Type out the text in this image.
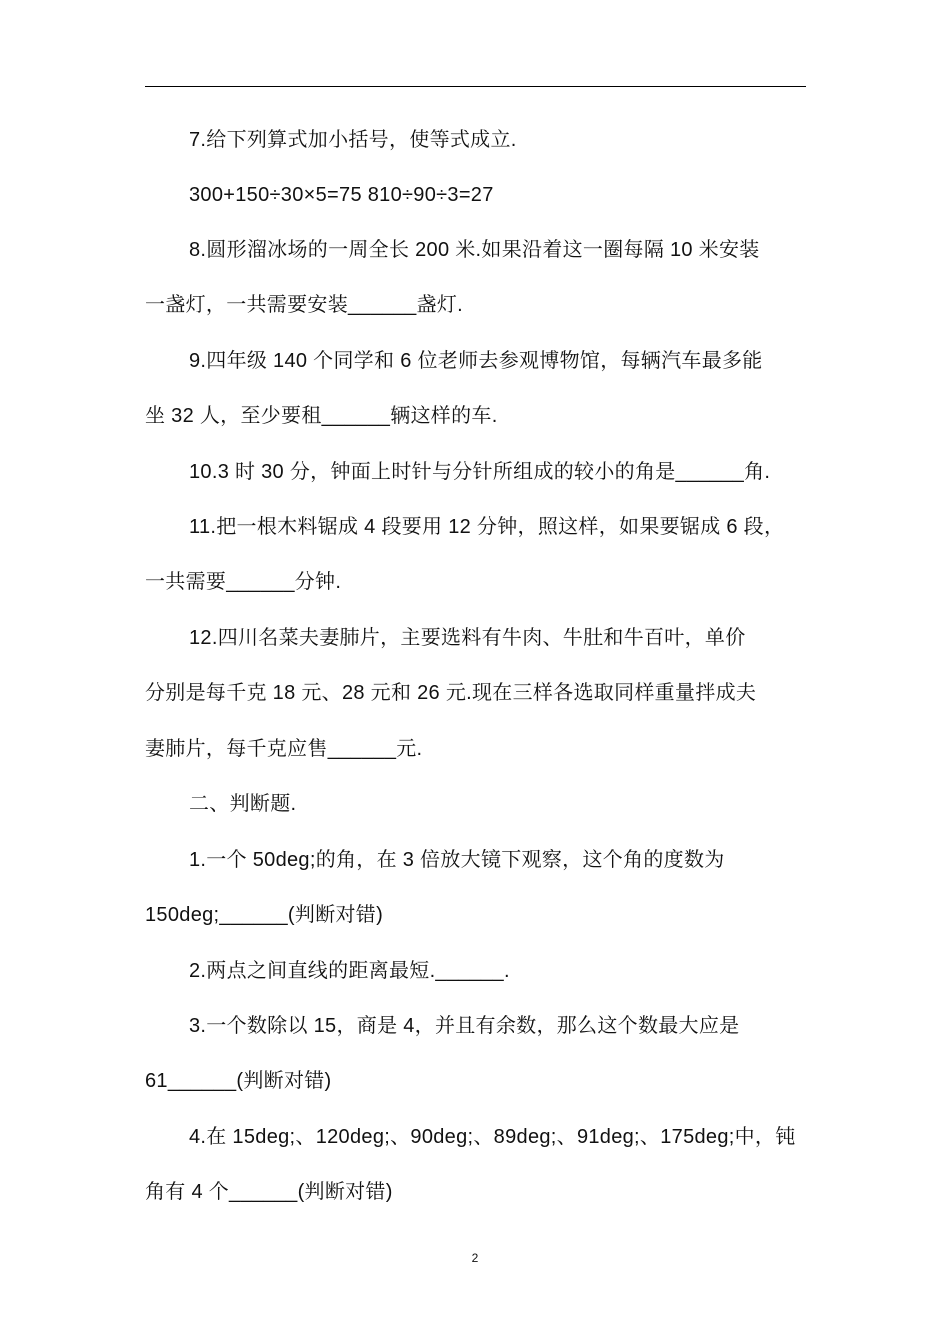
7.给下列算式加小括号，使等式成立.
300+150÷30×5=75 810÷90÷3=27
8.圆形溜冰场的一周全长 200 米.如果沿着这一圈每隔 10 米安装
一盏灯，一共需要安装______盏灯.
9.四年级 140 个同学和 6 位老师去参观博物馆，每辆汽车最多能
坐 32 人，至少要租______辆这样的车.
10.3 时 30 分，钟面上时针与分针所组成的较小的角是______角.
11.把一根木料锯成 4 段要用 12 分钟，照这样，如果要锯成 6 段，
一共需要______分钟.
12.四川名菜夫妻肺片，主要选料有牛肉、牛肚和牛百叶，单价
分别是每千克 18 元、28 元和 26 元.现在三样各选取同样重量拌成夫
妻肺片，每千克应售______元.
二、判断题.
1.一个 50deg;的角，在 3 倍放大镜下观察，这个角的度数为
150deg;______(判断对错)
2.两点之间直线的距离最短.______.
3.一个数除以 15，商是 4，并且有余数，那么这个数最大应是
61______(判断对错)
4.在 15deg;、120deg;、90deg;、89deg;、91deg;、175deg;中，钝
角有 4 个______(判断对错)
2
